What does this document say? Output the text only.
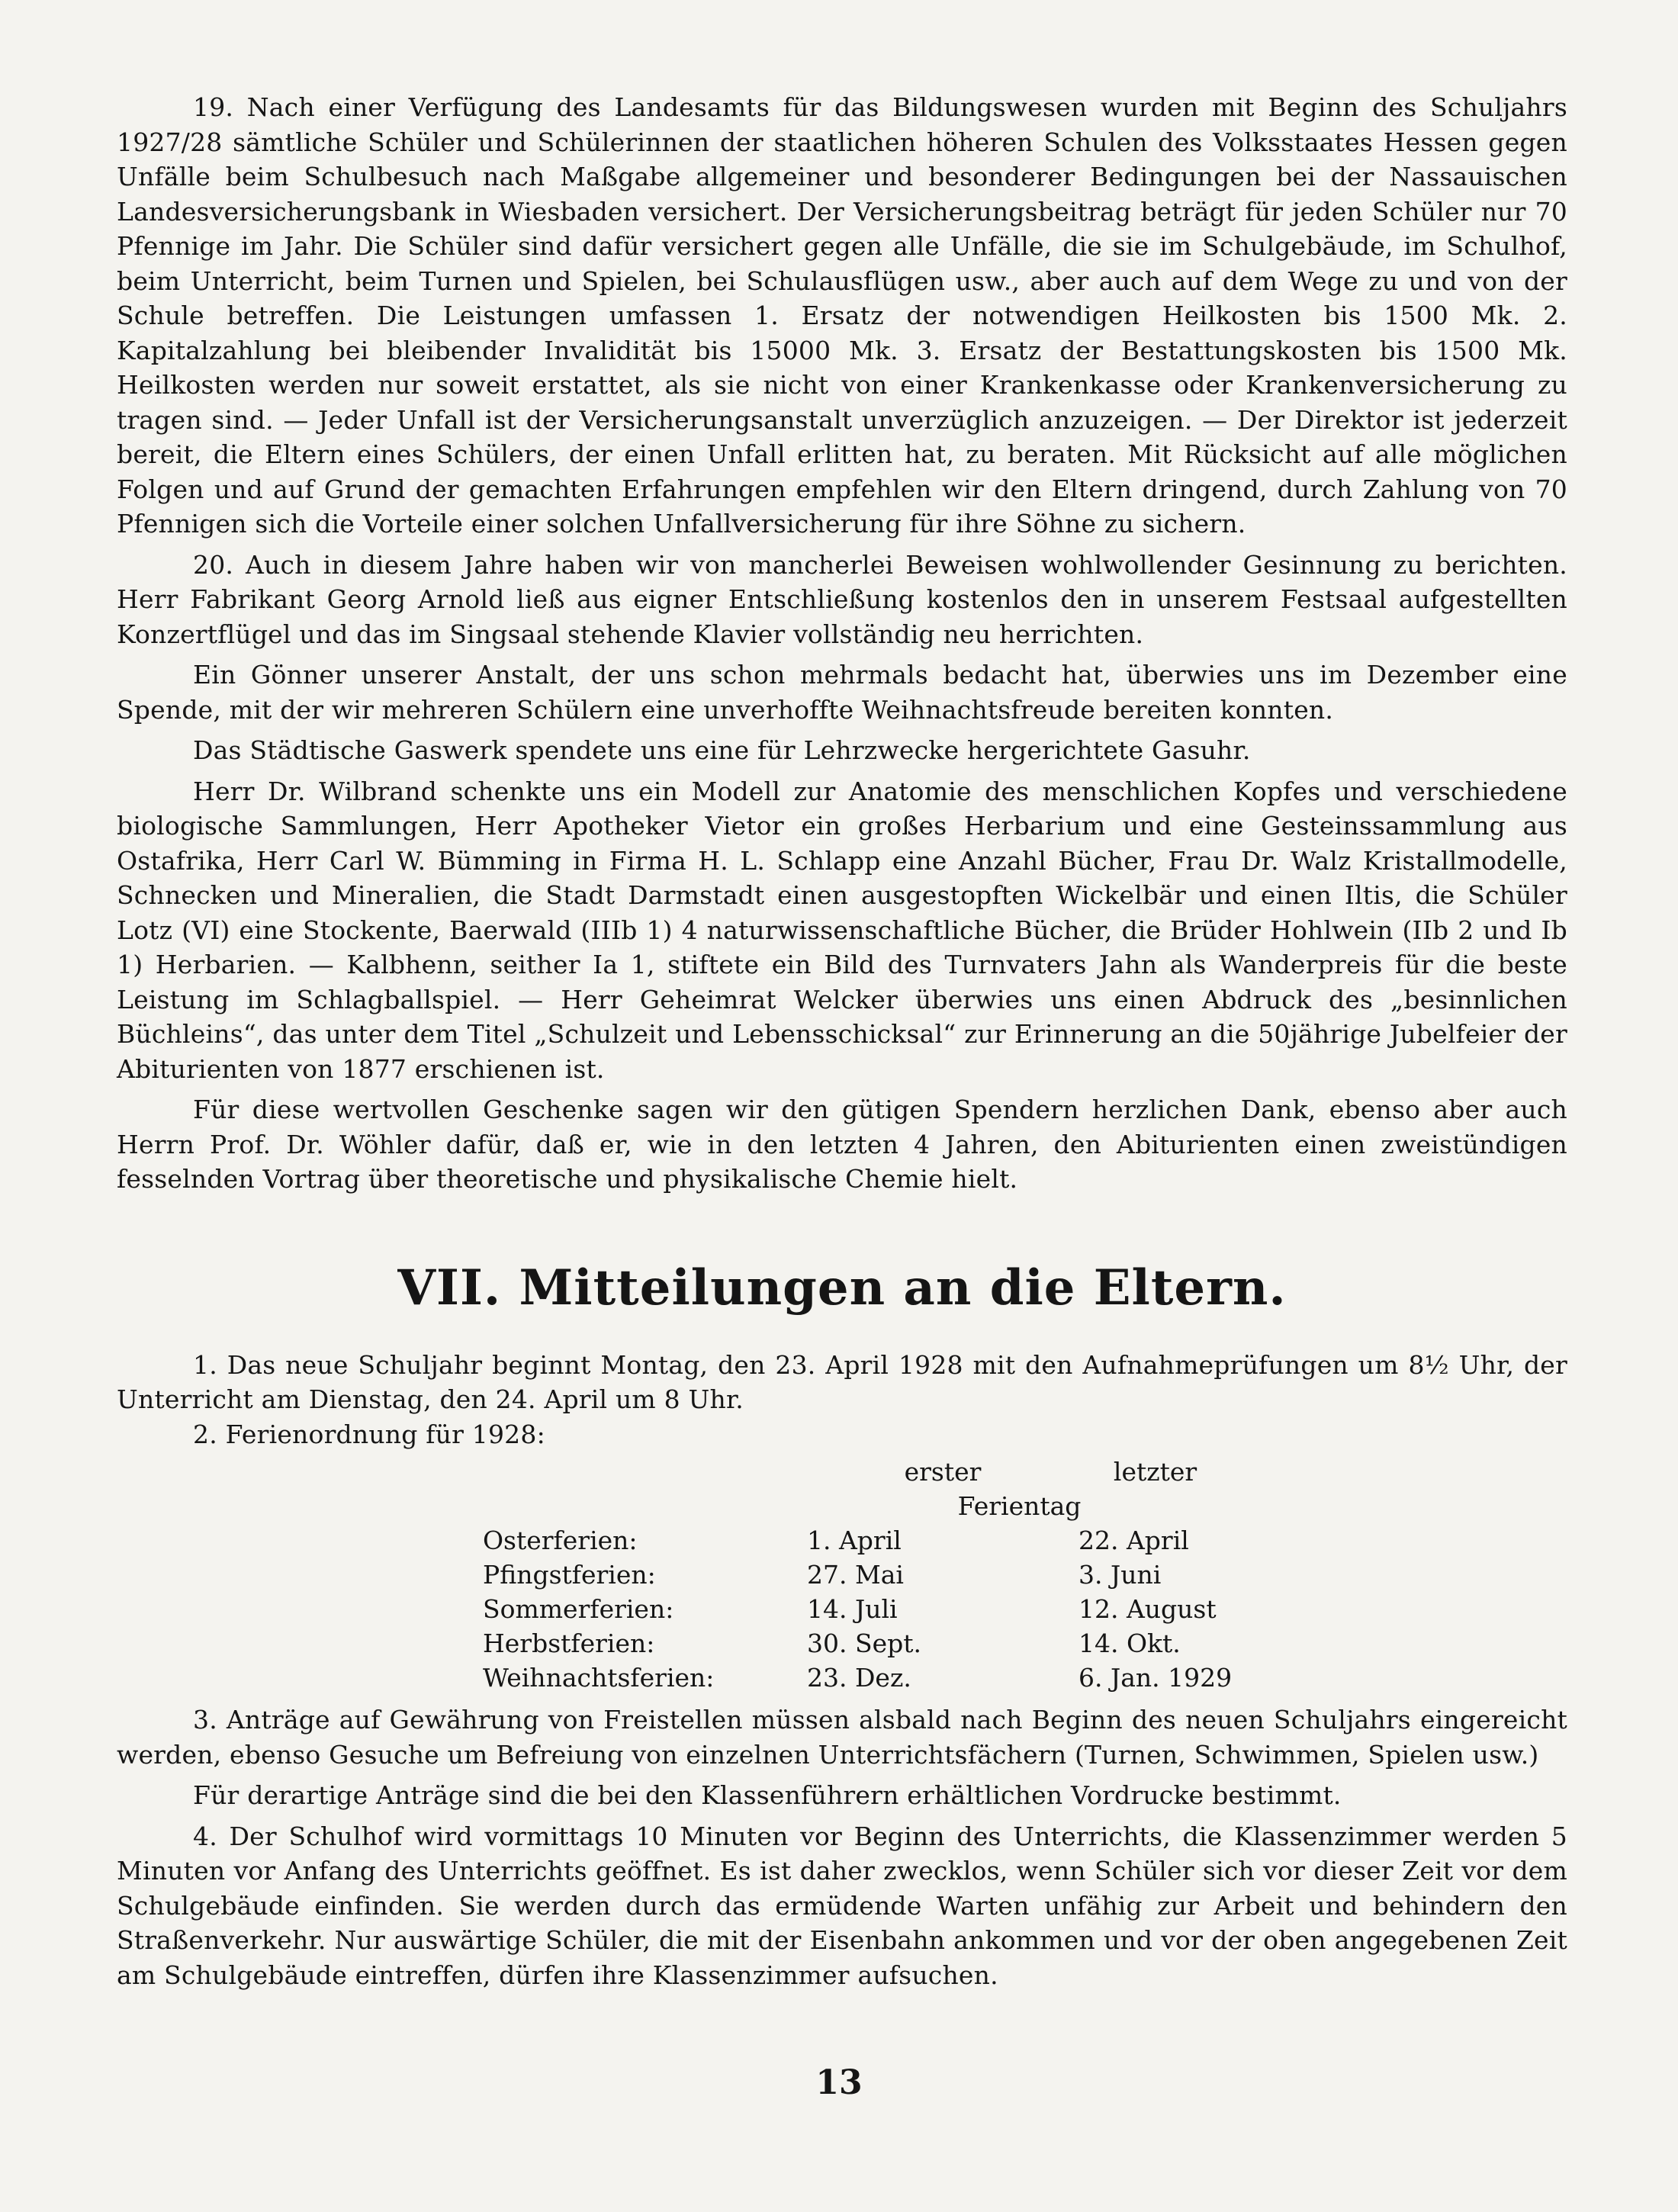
19. Nach einer Verfügung des Landesamts für das Bildungswesen wurden mit Beginn des Schuljahrs 1927/28 sämtliche Schüler und Schülerinnen der staatlichen höheren Schulen des Volksstaates Hessen gegen Unfälle beim Schulbesuch nach Maßgabe allgemeiner und besonderer Bedingungen bei der Nassauischen Landesversicherungsbank in Wiesbaden versichert. Der Versicherungsbeitrag beträgt für jeden Schüler nur 70 Pfennige im Jahr. Die Schüler sind dafür versichert gegen alle Unfälle, die sie im Schulgebäude, im Schulhof, beim Unterricht, beim Turnen und Spielen, bei Schulausflügen usw., aber auch auf dem Wege zu und von der Schule betreffen. Die Leistungen umfassen 1. Ersatz der notwendigen Heilkosten bis 1500 Mk. 2. Kapitalzahlung bei bleibender Invalidität bis 15000 Mk. 3. Ersatz der Bestattungskosten bis 1500 Mk. Heilkosten werden nur soweit erstattet, als sie nicht von einer Krankenkasse oder Krankenversicherung zu tragen sind. — Jeder Unfall ist der Versicherungsanstalt unverzüglich anzuzeigen. — Der Direktor ist jederzeit bereit, die Eltern eines Schülers, der einen Unfall erlitten hat, zu beraten. Mit Rücksicht auf alle möglichen Folgen und auf Grund der gemachten Erfahrungen empfehlen wir den Eltern dringend, durch Zahlung von 70 Pfennigen sich die Vorteile einer solchen Unfallversicherung für ihre Söhne zu sichern.

20. Auch in diesem Jahre haben wir von mancherlei Beweisen wohlwollender Gesinnung zu berichten. Herr Fabrikant Georg Arnold ließ aus eigner Entschließung kostenlos den in unserem Festsaal aufgestellten Konzertflügel und das im Singsaal stehende Klavier vollständig neu herrichten.

Ein Gönner unserer Anstalt, der uns schon mehrmals bedacht hat, überwies uns im Dezember eine Spende, mit der wir mehreren Schülern eine unverhoffte Weihnachtsfreude bereiten konnten.

Das Städtische Gaswerk spendete uns eine für Lehrzwecke hergerichtete Gasuhr.

Herr Dr. Wilbrand schenkte uns ein Modell zur Anatomie des menschlichen Kopfes und verschiedene biologische Sammlungen, Herr Apotheker Vietor ein großes Herbarium und eine Gesteinssammlung aus Ostafrika, Herr Carl W. Bümming in Firma H. L. Schlapp eine Anzahl Bücher, Frau Dr. Walz Kristallmodelle, Schnecken und Mineralien, die Stadt Darmstadt einen ausgestopften Wickelbär und einen Iltis, die Schüler Lotz (VI) eine Stockente, Baerwald (IIIb 1) 4 naturwissenschaftliche Bücher, die Brüder Hohlwein (IIb 2 und Ib 1) Herbarien. — Kalbhenn, seither Ia 1, stiftete ein Bild des Turnvaters Jahn als Wanderpreis für die beste Leistung im Schlagballspiel. — Herr Geheimrat Welcker überwies uns einen Abdruck des „besinnlichen Büchleins“, das unter dem Titel „Schulzeit und Lebensschicksal“ zur Erinnerung an die 50jährige Jubelfeier der Abiturienten von 1877 erschienen ist.

Für diese wertvollen Geschenke sagen wir den gütigen Spendern herzlichen Dank, ebenso aber auch Herrn Prof. Dr. Wöhler dafür, daß er, wie in den letzten 4 Jahren, den Abiturienten einen zweistündigen fesselnden Vortrag über theoretische und physikalische Chemie hielt.

VII. Mitteilungen an die Eltern.

1. Das neue Schuljahr beginnt Montag, den 23. April 1928 mit den Aufnahmeprüfungen um 8½ Uhr, der Unterricht am Dienstag, den 24. April um 8 Uhr.

2. Ferienordnung für 1928:

	erster	letzter
	Ferientag	
Osterferien:	1. April	22. April
Pfingstferien:	27. Mai	3. Juni
Sommerferien:	14. Juli	12. August
Herbstferien:	30. Sept.	14. Okt.
Weihnachtsferien:	23. Dez.	6. Jan. 1929

3. Anträge auf Gewährung von Freistellen müssen alsbald nach Beginn des neuen Schuljahrs eingereicht werden, ebenso Gesuche um Befreiung von einzelnen Unterrichtsfächern (Turnen, Schwimmen, Spielen usw.)

Für derartige Anträge sind die bei den Klassenführern erhältlichen Vordrucke bestimmt.

4. Der Schulhof wird vormittags 10 Minuten vor Beginn des Unterrichts, die Klassenzimmer werden 5 Minuten vor Anfang des Unterrichts geöffnet. Es ist daher zwecklos, wenn Schüler sich vor dieser Zeit vor dem Schulgebäude einfinden. Sie werden durch das ermüdende Warten unfähig zur Arbeit und behindern den Straßenverkehr. Nur auswärtige Schüler, die mit der Eisenbahn ankommen und vor der oben angegebenen Zeit am Schulgebäude eintreffen, dürfen ihre Klassenzimmer aufsuchen.

13
